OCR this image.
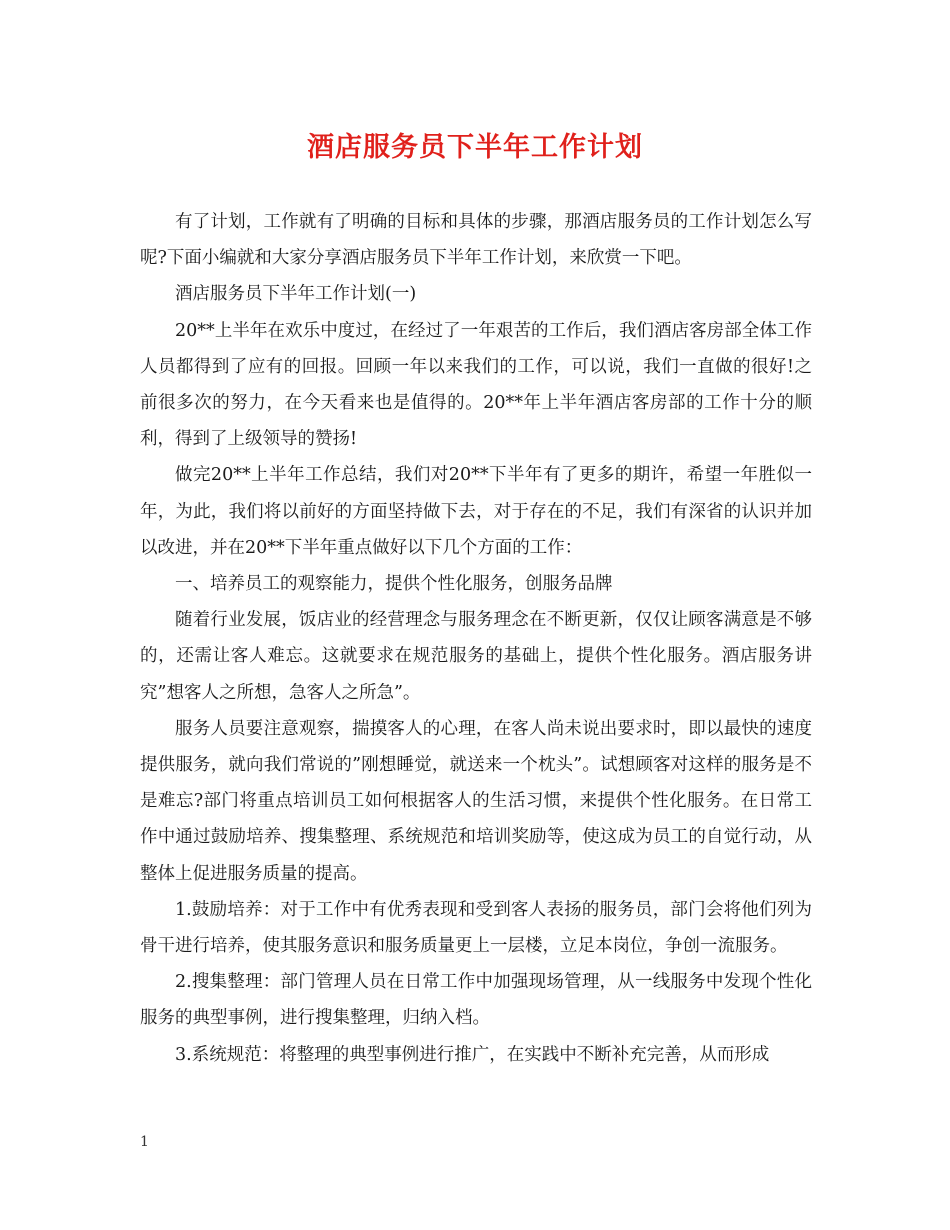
酒店服务员下半年工作计划

有了计划，工作就有了明确的目标和具体的步骤，那酒店服务员的工作计划怎么写呢?下面小编就和大家分享酒店服务员下半年工作计划，来欣赏一下吧。

酒店服务员下半年工作计划(一)

20**上半年在欢乐中度过，在经过了一年艰苦的工作后，我们酒店客房部全体工作人员都得到了应有的回报。回顾一年以来我们的工作，可以说，我们一直做的很好!之前很多次的努力，在今天看来也是值得的。20**年上半年酒店客房部的工作十分的顺利，得到了上级领导的赞扬!

做完20**上半年工作总结，我们对20**下半年有了更多的期许，希望一年胜似一年，为此，我们将以前好的方面坚持做下去，对于存在的不足，我们有深省的认识并加以改进，并在20**下半年重点做好以下几个方面的工作：

一、培养员工的观察能力，提供个性化服务，创服务品牌

随着行业发展，饭店业的经营理念与服务理念在不断更新，仅仅让顾客满意是不够的，还需让客人难忘。这就要求在规范服务的基础上，提供个性化服务。酒店服务讲究”想客人之所想，急客人之所急”。

服务人员要注意观察，揣摸客人的心理，在客人尚未说出要求时，即以最快的速度提供服务，就向我们常说的”刚想睡觉，就送来一个枕头”。试想顾客对这样的服务是不是难忘?部门将重点培训员工如何根据客人的生活习惯，来提供个性化服务。在日常工作中通过鼓励培养、搜集整理、系统规范和培训奖励等，使这成为员工的自觉行动，从整体上促进服务质量的提高。

1.鼓励培养：对于工作中有优秀表现和受到客人表扬的服务员，部门会将他们列为骨干进行培养，使其服务意识和服务质量更上一层楼，立足本岗位，争创一流服务。

2.搜集整理：部门管理人员在日常工作中加强现场管理，从一线服务中发现个性化服务的典型事例，进行搜集整理，归纳入档。

3.系统规范：将整理的典型事例进行推广，在实践中不断补充完善，从而形成

1
